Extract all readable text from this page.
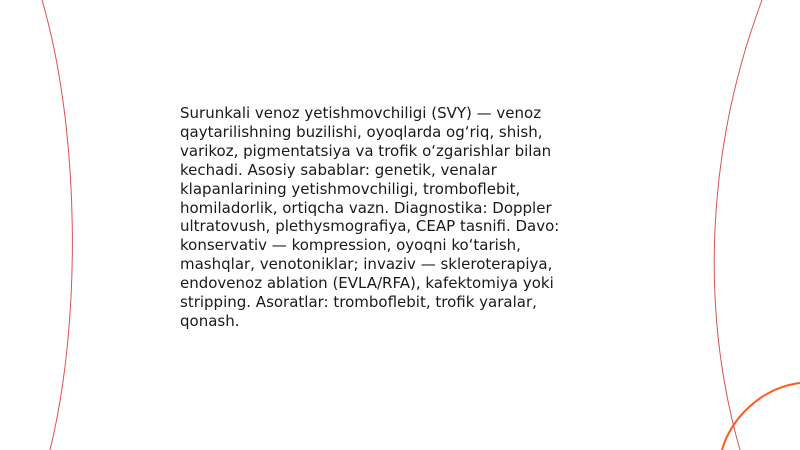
Surunkali venoz yetishmovchiligi (SVY) — venoz qaytarilishning buzilishi, oyoqlarda ogʻriq, shish, varikoz, pigmentatsiya va trofik oʻzgarishlar bilan kechadi. Asosiy sabablar: genetik, venalar klapanlarining yetishmovchiligi, tromboflebit, homiladorlik, ortiqcha vazn. Diagnostika: Doppler ultratovush, plethysmografiya, CEAP tasnifi. Davo: konservativ — kompression, oyoqni koʻtarish, mashqlar, venotoniklar; invaziv — skleroterapiya, endovenoz ablation (EVLA/RFA), kafektomiya yoki stripping. Asoratlar: tromboflebit, trofik yaralar, qonash.
